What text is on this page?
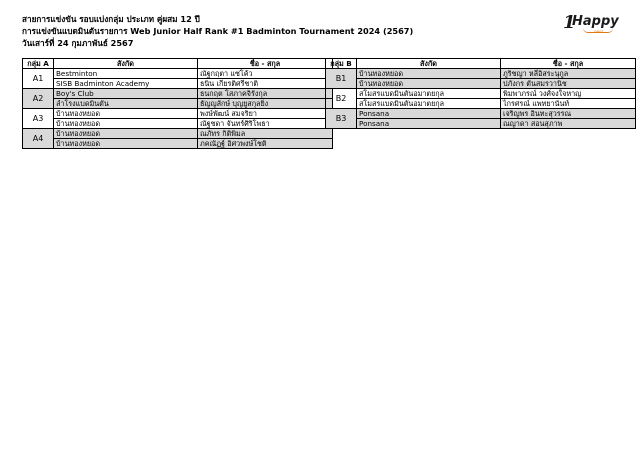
สายการแข่งขัน รอบแบ่งกลุ่ม ประเภท คู่ผสม 12 ปี
การแข่งขันแบดมินตันรายการ Web Junior Half Rank #1 Badminton Tournament 2024 (2567)
วันเสาร์ที่ 24 กุมภาพันธ์ 2567
1
Happy
ness
กลุ่ม A	สังกัด	ชื่อ - สกุล
A1	Bestminton	ณัฐกฤตา แซ่โค้ว
	SISB Badminton Academy	ธนิน เกียรติศรีชาติ
A2	Boy's Club	ธนกฤต โสภาคจิรังกุล
	ลำโรงแบดมินตัน	ธัญญลักษ์ บุญยูสกุลยิ่ง
A3	บ้านทองหยอด	พงษ์พัฒน์ สมจริยา
	บ้านทองหยอด	ณัฐชดา จันทร์ศิริโพธา
A4	บ้านทองหยอด	ณภัทร กิติพิมล
	บ้านทองหยอด	ภคณัฏฐ์ อิศวพงษ์โชติ
กลุ่ม B	สังกัด	ชื่อ - สกุล
B1	บ้านทองหยอด	ภูริชญา หลี่อิสระนุกูล
	บ้านทองหยอด	ปภังกร ตันสมรวานิช
B2	สโมสรแบดมินตันอมาตยกุล	พิมพาภรณ์ วงศ์จงใจหาญ
	สโมสรแบดมินตันอมาตยกุล	ไกรศรณ์ แพทยานันท์
B3	Ponsana	เจริญพร อินทะสุวรรณ
	Ponsana	ณญาดา สอนสุภาพ
